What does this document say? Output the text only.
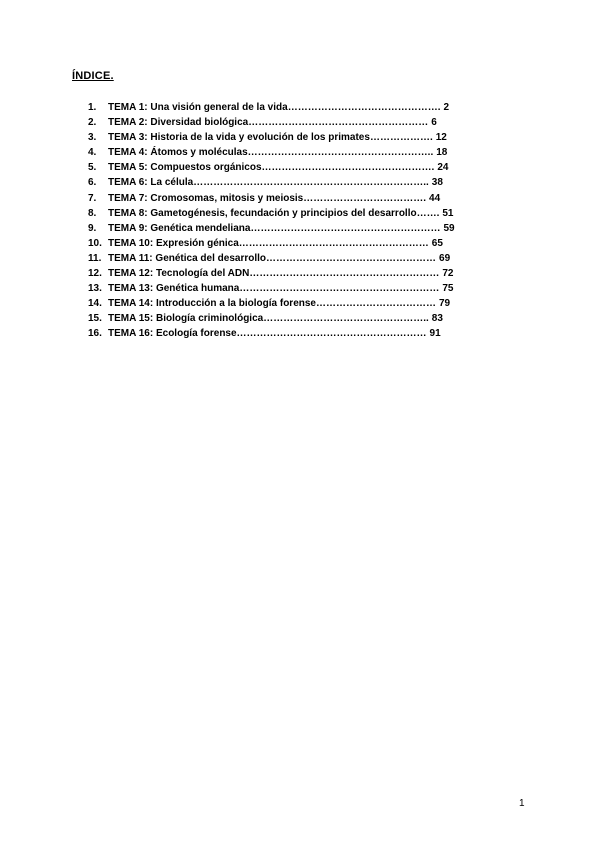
ÍNDICE.
1. TEMA 1: Una visión general de la vida………………………………………. 2
2. TEMA 2: Diversidad biológica……………………………………………… 6
3. TEMA 3: Historia de la vida y evolución de los primates………………. 12
4. TEMA 4: Átomos y moléculas……………………………………………….. 18
5. TEMA 5: Compuestos orgánicos……………………………………………. 24
6. TEMA 6: La célula…………………………………………………………….. 38
7. TEMA 7: Cromosomas, mitosis y meiosis………………………………. 44
8. TEMA 8: Gametogénesis, fecundación y principios del desarrollo……. 51
9. TEMA 9: Genética mendeliana………………………………………………… 59
10. TEMA 10: Expresión génica………………………………………………… 65
11. TEMA 11: Genética del desarrollo…………………………………………… 69
12. TEMA 12: Tecnología del ADN………………………………………………… 72
13. TEMA 13: Genética humana…………………………………………………… 75
14. TEMA 14: Introducción a la biología forense……………………………… 79
15. TEMA 15: Biología criminológica………………………………………….. 83
16. TEMA 16: Ecología forense………………………………………………… 91
1
